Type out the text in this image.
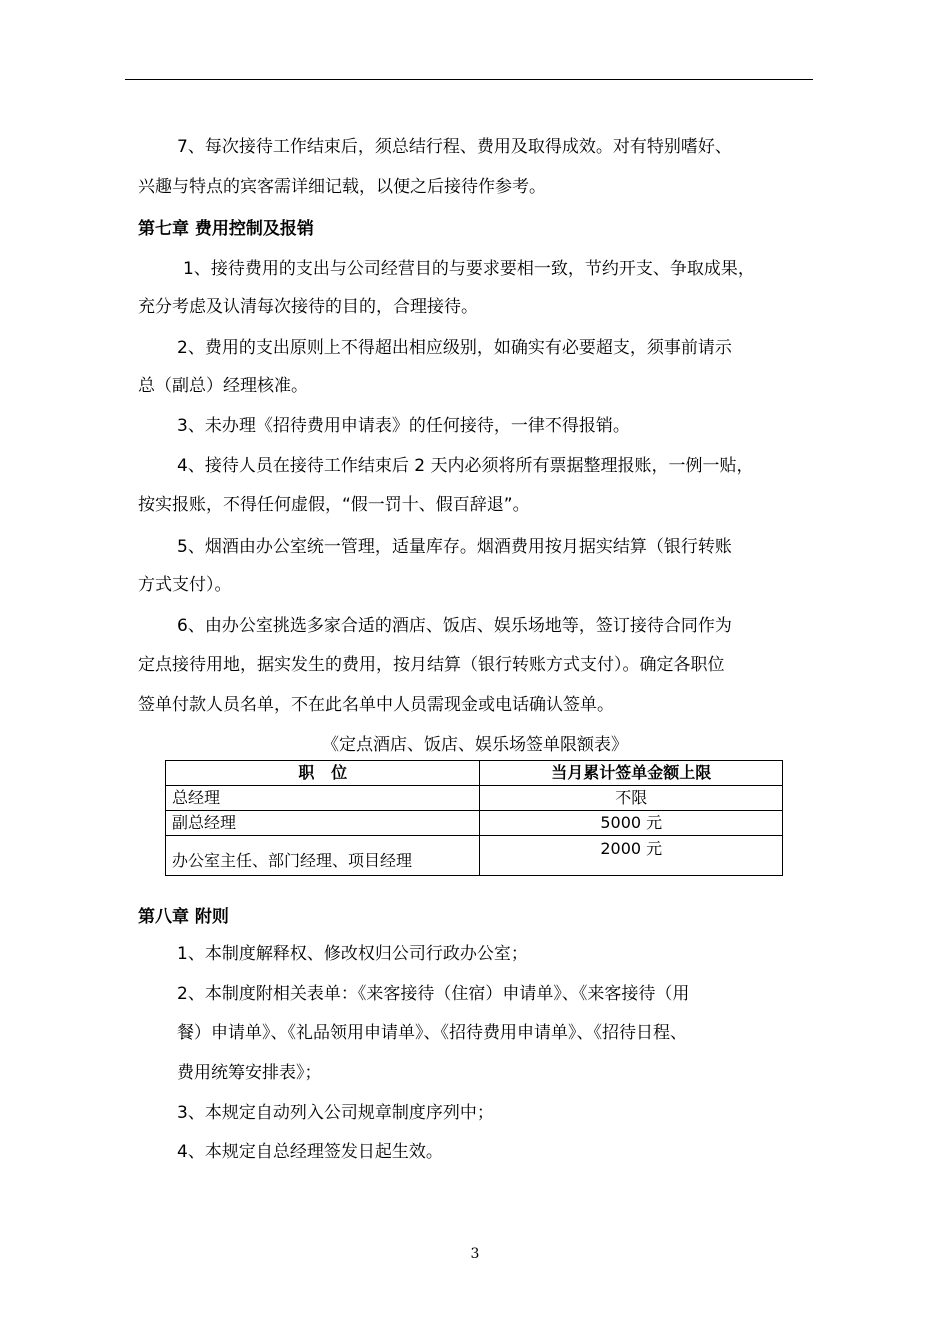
7、每次接待工作结束后，须总结行程、费用及取得成效。对有特别嗜好、
兴趣与特点的宾客需详细记载，以便之后接待作参考。
第七章 费用控制及报销
1、接待费用的支出与公司经营目的与要求要相一致，节约开支、争取成果，
充分考虑及认清每次接待的目的，合理接待。
2、费用的支出原则上不得超出相应级别，如确实有必要超支，须事前请示
总（副总）经理核准。
3、未办理《招待费用申请表》的任何接待，一律不得报销。
4、接待人员在接待工作结束后 2 天内必须将所有票据整理报账，一例一贴，
按实报账，不得任何虚假，“假一罚十、假百辞退”。
5、烟酒由办公室统一管理，适量库存。烟酒费用按月据实结算（银行转账
方式支付）。
6、由办公室挑选多家合适的酒店、饭店、娱乐场地等，签订接待合同作为
定点接待用地，据实发生的费用，按月结算（银行转账方式支付）。确定各职位
签单付款人员名单，不在此名单中人员需现金或电话确认签单。
《定点酒店、饭店、娱乐场签单限额表》
职   位	当月累计签单金额上限
总经理	不限
副总经理	5000 元
办公室主任、部门经理、项目经理	2000 元
第八章 附则
1、本制度解释权、修改权归公司行政办公室；
2、本制度附相关表单：《来客接待（住宿）申请单》、《来客接待（用
餐）申请单》、《礼品领用申请单》、《招待费用申请单》、《招待日程、
费用统筹安排表》；
3、本规定自动列入公司规章制度序列中；
4、本规定自总经理签发日起生效。
3
